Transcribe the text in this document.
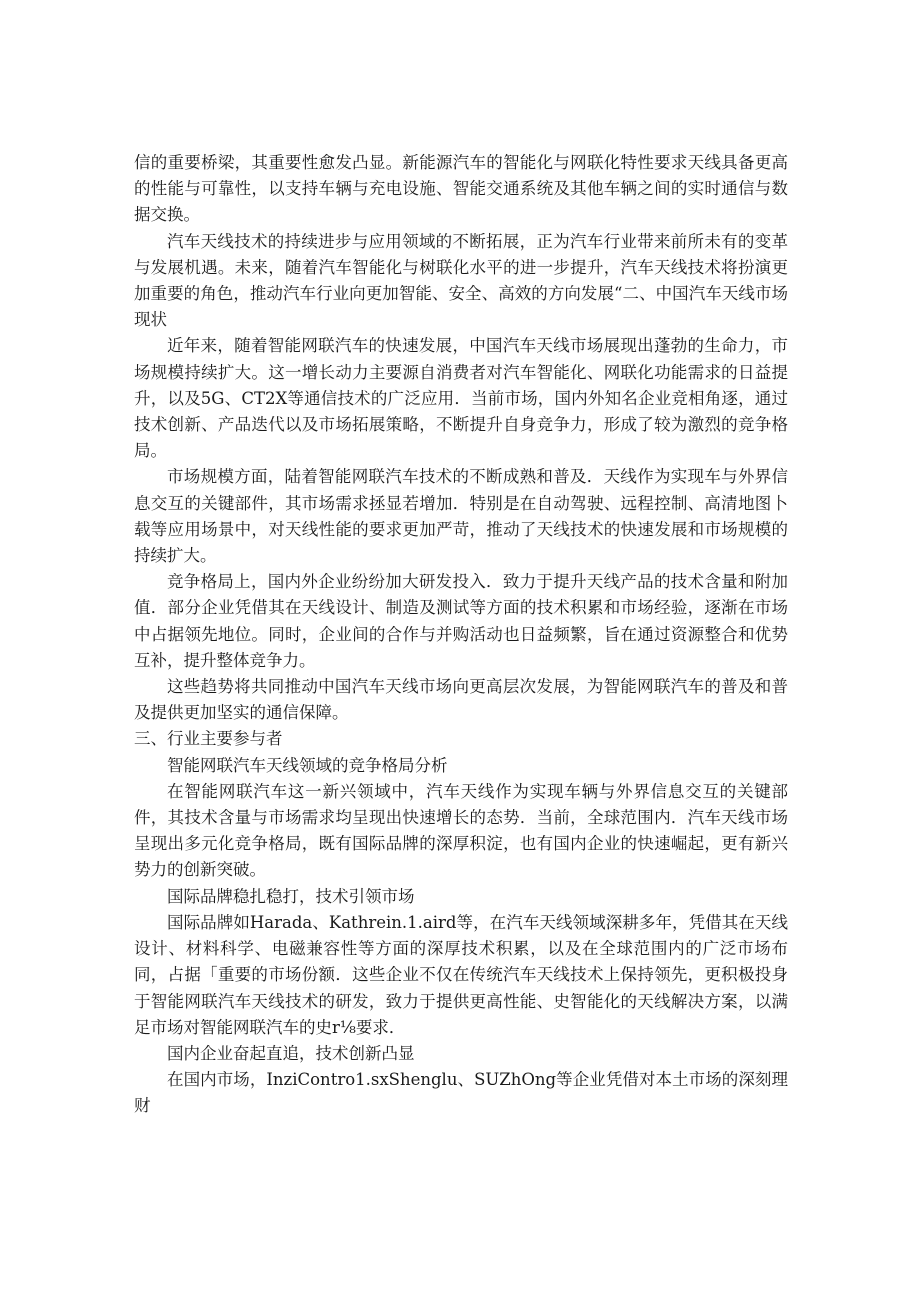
信的重要桥梁，其重要性愈发凸显。新能源汽车的智能化与网联化特性要求天线具备更高的性能与可靠性，以支持车辆与充电设施、智能交通系统及其他车辆之间的实时通信与数据交换。

汽车天线技术的持续进步与应用领域的不断拓展，正为汽车行业带来前所未有的变革与发展机遇。未来，随着汽车智能化与树联化水平的进一步提升，汽车天线技术将扮演更加重要的角色，推动汽车行业向更加智能、安全、高效的方向发展“二、中国汽车天线市场现状

近年来，随着智能网联汽车的快速发展，中国汽车天线市场展现出蓬勃的生命力，市场规模持续扩大。这一增长动力主要源自消费者对汽车智能化、网联化功能需求的日益提升，以及5G、CT2X等通信技术的广泛应用．当前市场，国内外知名企业竞相角逐，通过技术创新、产品迭代以及市场拓展策略，不断提升自身竞争力，形成了较为激烈的竞争格局。

市场规模方面，陆着智能网联汽车技术的不断成熟和普及．天线作为实现车与外界信息交互的关键部件，其市场需求拯显若增加．特别是在自动驾驶、远程控制、高清地图卜载等应用场景中，对天线性能的要求更加严苛，推动了天线技术的快速发展和市场规模的持续扩大。

竞争格局上，国内外企业纷纷加大研发投入．致力于提升天线产品的技术含量和附加值．部分企业凭借其在天线设计、制造及测试等方面的技术积累和市场经验，逐渐在市场中占据领先地位。同时，企业间的合作与并购活动也日益频繁，旨在通过资源整合和优势互补，提升整体竞争力。

这些趋势将共同推动中国汽车天线市场向更高层次发展，为智能网联汽车的普及和普及提供更加坚实的通信保障。

三、行业主要参与者

智能网联汽车天线领域的竞争格局分析

在智能网联汽车这一新兴领域中，汽车天线作为实现车辆与外界信息交互的关键部件，其技术含量与市场需求均呈现出快速增长的态势．当前，全球范围内．汽车天线市场呈现出多元化竞争格局，既有国际品牌的深厚积淀，也有国内企业的快速崛起，更有新兴势力的创新突破。

国际品牌稳扎稳打，技术引领市场

国际品牌如Harada、Kathrein.1.aird等，在汽车天线领域深耕多年，凭借其在天线设计、材料科学、电磁兼容性等方面的深厚技术积累，以及在全球范围内的广泛市场布同，占据「重要的市场份额．这些企业不仅在传统汽车天线技术上保持领先，更积极投身于智能网联汽车天线技术的研发，致力于提供更高性能、史智能化的天线解决方案，以满足市场对智能网联汽车的史r⅛要求．

国内企业奋起直追，技术创新凸显

在国内市场，InziContro1.sxShenglu、SUZhOng等企业凭借对本土市场的深刻理财
